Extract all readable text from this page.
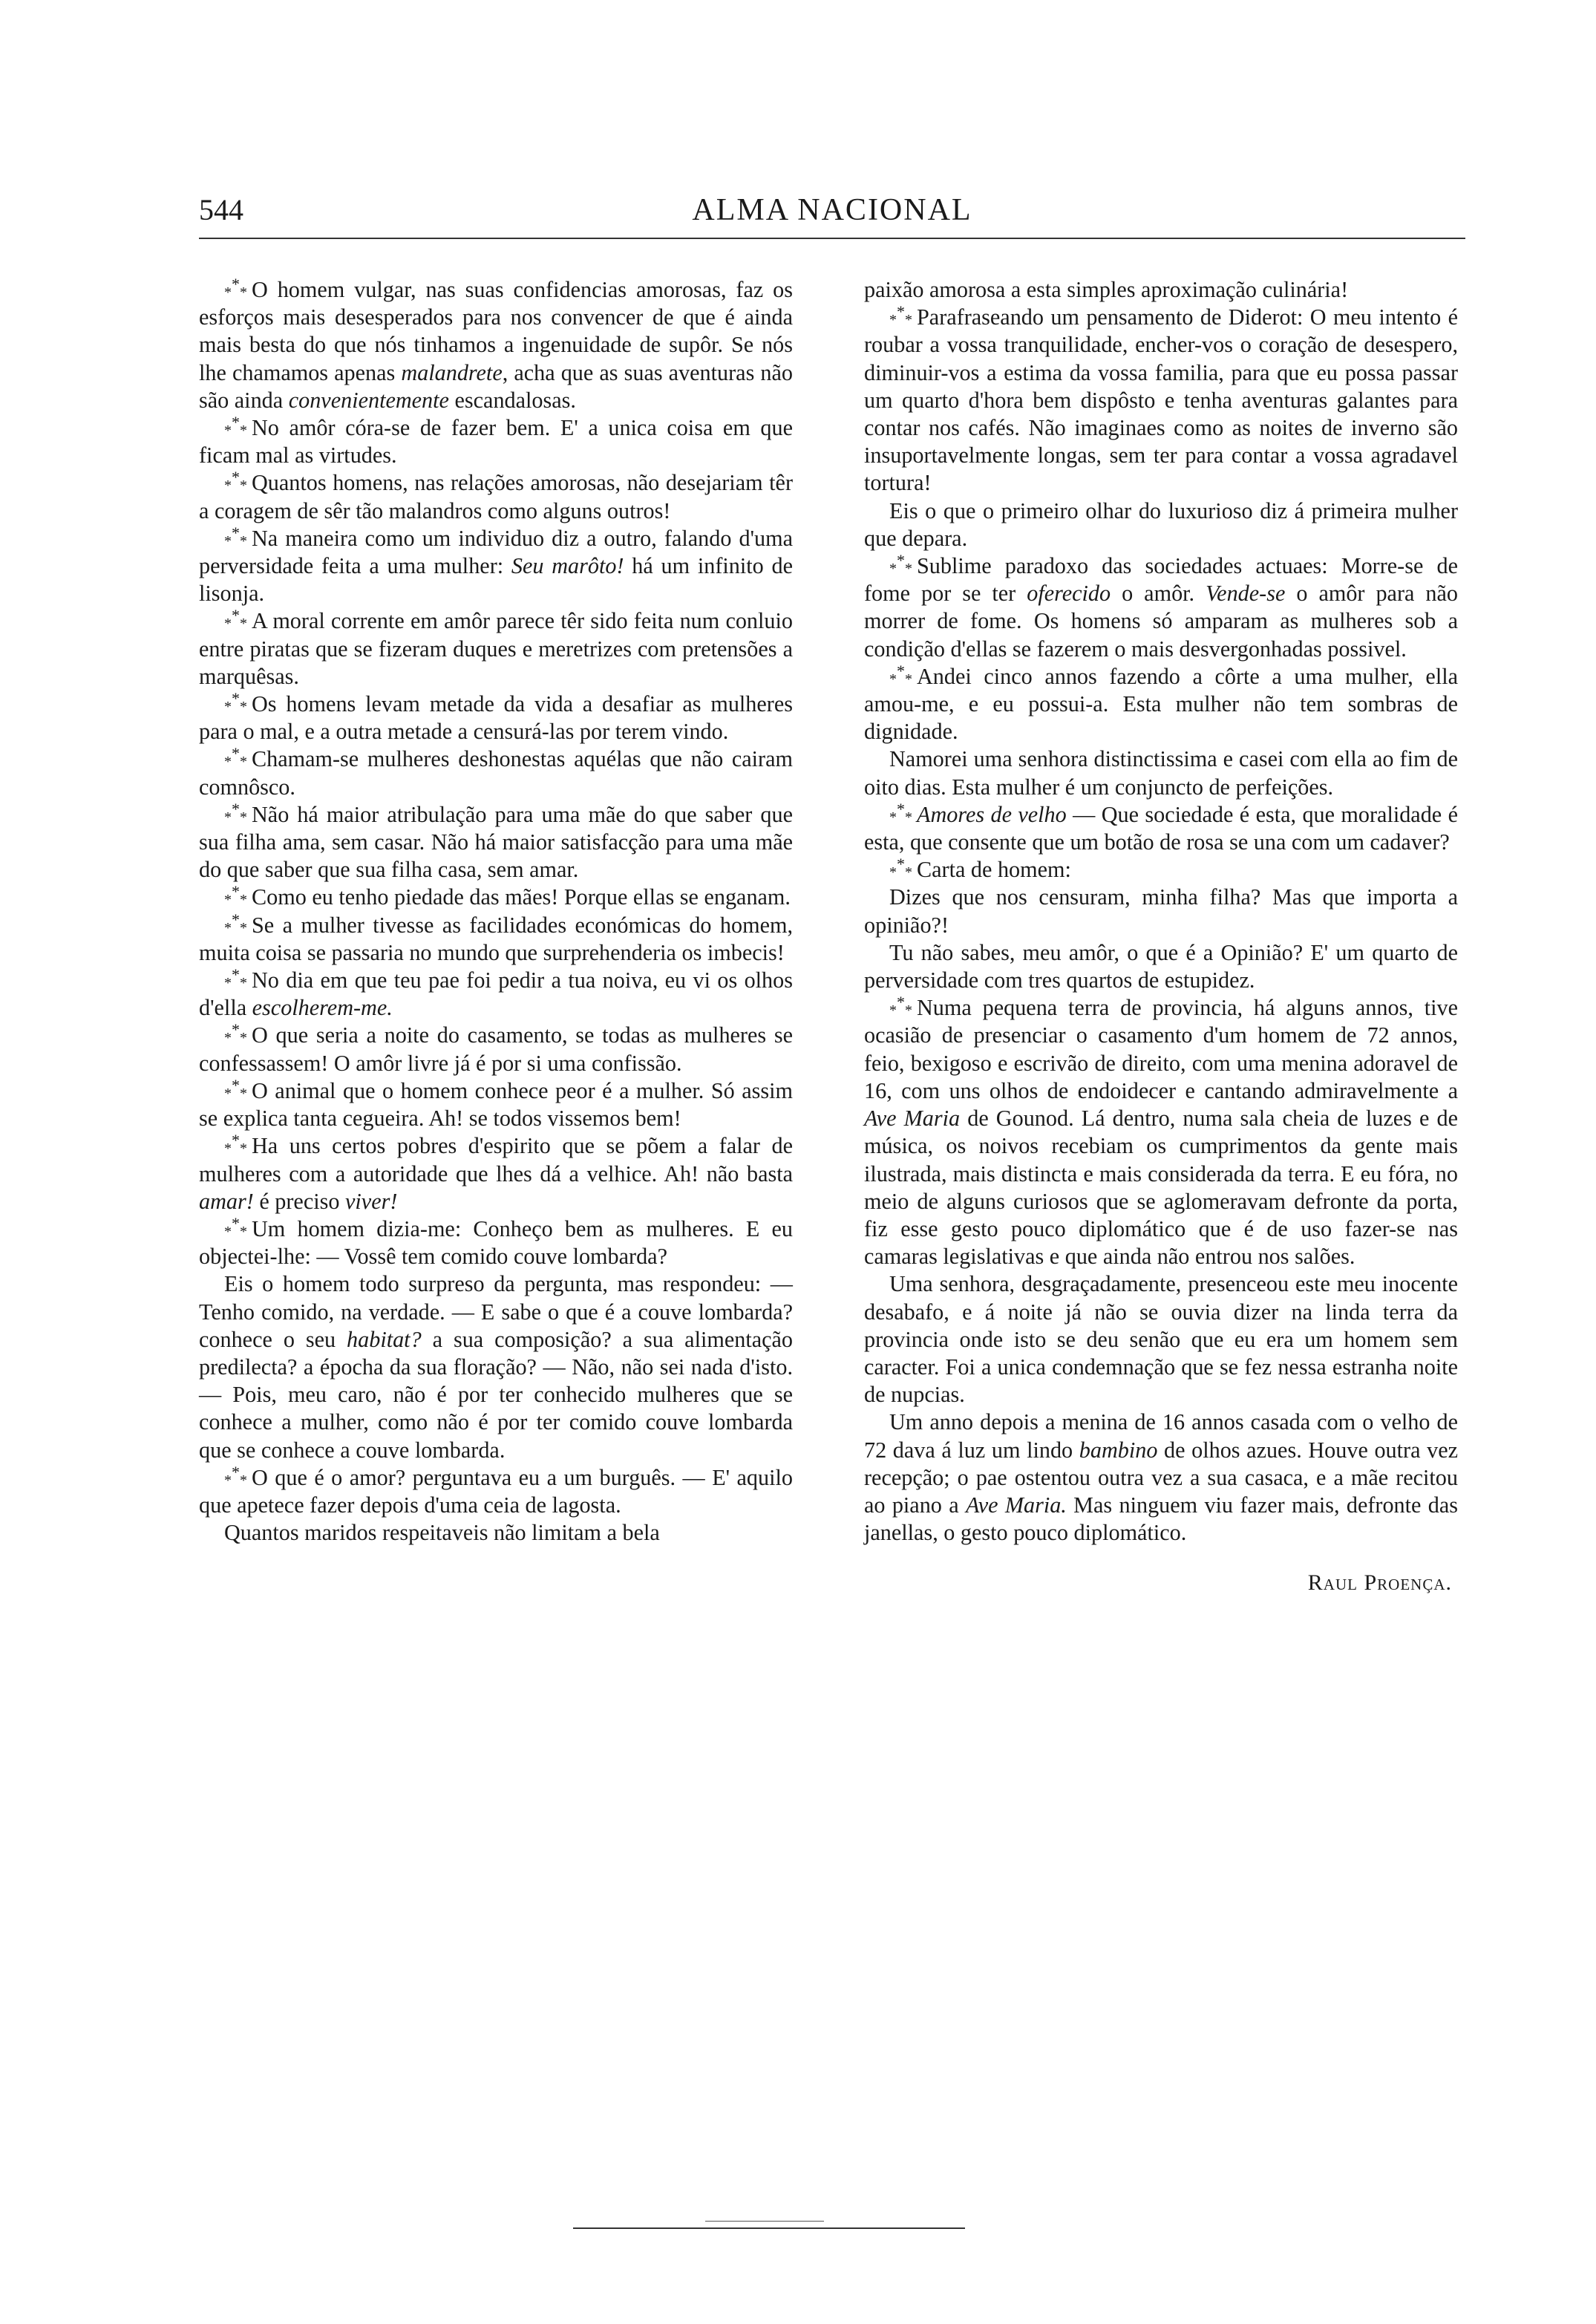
544	ALMA NACIONAL

$_*$*$_*$ O homem vulgar, nas suas confidencias amorosas, faz os esforços mais desesperados para nos convencer de que é ainda mais besta do que nós tinhamos a ingenuidade de supôr. Se nós lhe chamamos apenas malandrete, acha que as suas aventuras não são ainda convenientemente escandalosas.

$_*$*$_*$ No amôr córa-se de fazer bem. E' a unica coisa em que ficam mal as virtudes.

$_*$*$_*$ Quantos homens, nas relações amorosas, não desejariam têr a coragem de sêr tão malandros como alguns outros!

$_*$*$_*$ Na maneira como um individuo diz a outro, falando d'uma perversidade feita a uma mulher: Seu marôto! há um infinito de lisonja.

$_*$*$_*$ A moral corrente em amôr parece têr sido feita num conluio entre piratas que se fizeram duques e meretrizes com pretensões a marquêsas.

$_*$*$_*$ Os homens levam metade da vida a desafiar as mulheres para o mal, e a outra metade a censurá-las por terem vindo.

$_*$*$_*$ Chamam-se mulheres deshonestas aquélas que não cairam comnôsco.

$_*$*$_*$ Não há maior atribulação para uma mãe do que saber que sua filha ama, sem casar. Não há maior satisfacção para uma mãe do que saber que sua filha casa, sem amar.

$_*$*$_*$ Como eu tenho piedade das mães! Porque ellas se enganam.

$_*$*$_*$ Se a mulher tivesse as facilidades económicas do homem, muita coisa se passaria no mundo que surprehenderia os imbecis!

$_*$*$_*$ No dia em que teu pae foi pedir a tua noiva, eu vi os olhos d'ella escolherem-me.

$_*$*$_*$ O que seria a noite do casamento, se todas as mulheres se confessassem! O amôr livre já é por si uma confissão.

$_*$*$_*$ O animal que o homem conhece peor é a mulher. Só assim se explica tanta cegueira. Ah! se todos vissemos bem!

$_*$*$_*$ Ha uns certos pobres d'espirito que se põem a falar de mulheres com a autoridade que lhes dá a velhice. Ah! não basta amar! é preciso viver!

$_*$*$_*$ Um homem dizia-me: Conheço bem as mulheres. E eu objectei-lhe: — Vossê tem comido couve lombarda?

Eis o homem todo surpreso da pergunta, mas respondeu: — Tenho comido, na verdade. — E sabe o que é a couve lombarda? conhece o seu habitat? a sua composição? a sua alimentação predilecta? a épocha da sua floração? — Não, não sei nada d'isto. — Pois, meu caro, não é por ter conhecido mulheres que se conhece a mulher, como não é por ter comido couve lombarda que se conhece a couve lombarda.

$_*$*$_*$ O que é o amor? perguntava eu a um burguês. — E' aquilo que apetece fazer depois d'uma ceia de lagosta.

Quantos maridos respeitaveis não limitam a bela

paixão amorosa a esta simples aproximação culinária!

$_*$*$_*$ Parafraseando um pensamento de Diderot: O meu intento é roubar a vossa tranquilidade, encher-vos o coração de desespero, diminuir-vos a estima da vossa familia, para que eu possa passar um quarto d'hora bem dispôsto e tenha aventuras galantes para contar nos cafés. Não imaginaes como as noites de inverno são insuportavelmente longas, sem ter para contar a vossa agradavel tortura!

Eis o que o primeiro olhar do luxurioso diz á primeira mulher que depara.

$_*$*$_*$ Sublime paradoxo das sociedades actuaes: Morre-se de fome por se ter oferecido o amôr. Vende-se o amôr para não morrer de fome. Os homens só amparam as mulheres sob a condição d'ellas se fazerem o mais desvergonhadas possivel.

$_*$*$_*$ Andei cinco annos fazendo a côrte a uma mulher, ella amou-me, e eu possui-a. Esta mulher não tem sombras de dignidade.

Namorei uma senhora distinctissima e casei com ella ao fim de oito dias. Esta mulher é um conjuncto de perfeições.

$_*$*$_*$ Amores de velho — Que sociedade é esta, que moralidade é esta, que consente que um botão de rosa se una com um cadaver?

$_*$*$_*$ Carta de homem:

Dizes que nos censuram, minha filha? Mas que importa a opinião?!

Tu não sabes, meu amôr, o que é a Opinião? E' um quarto de perversidade com tres quartos de estupidez.

$_*$*$_*$ Numa pequena terra de provincia, há alguns annos, tive ocasião de presenciar o casamento d'um homem de 72 annos, feio, bexigoso e escrivão de direito, com uma menina adoravel de 16, com uns olhos de endoidecer e cantando admiravelmente a Ave Maria de Gounod. Lá dentro, numa sala cheia de luzes e de música, os noivos recebiam os cumprimentos da gente mais ilustrada, mais distincta e mais considerada da terra. E eu fóra, no meio de alguns curiosos que se aglomeravam defronte da porta, fiz esse gesto pouco diplomático que é de uso fazer-se nas camaras legislativas e que ainda não entrou nos salões.

Uma senhora, desgraçadamente, presenceou este meu inocente desabafo, e á noite já não se ouvia dizer na linda terra da provincia onde isto se deu senão que eu era um homem sem caracter. Foi a unica condemnação que se fez nessa estranha noite de nupcias.

Um anno depois a menina de 16 annos casada com o velho de 72 dava á luz um lindo bambino de olhos azues. Houve outra vez recepção; o pae ostentou outra vez a sua casaca, e a mãe recitou ao piano a Ave Maria. Mas ninguem viu fazer mais, defronte das janellas, o gesto pouco diplomático.

Raul Proença.
